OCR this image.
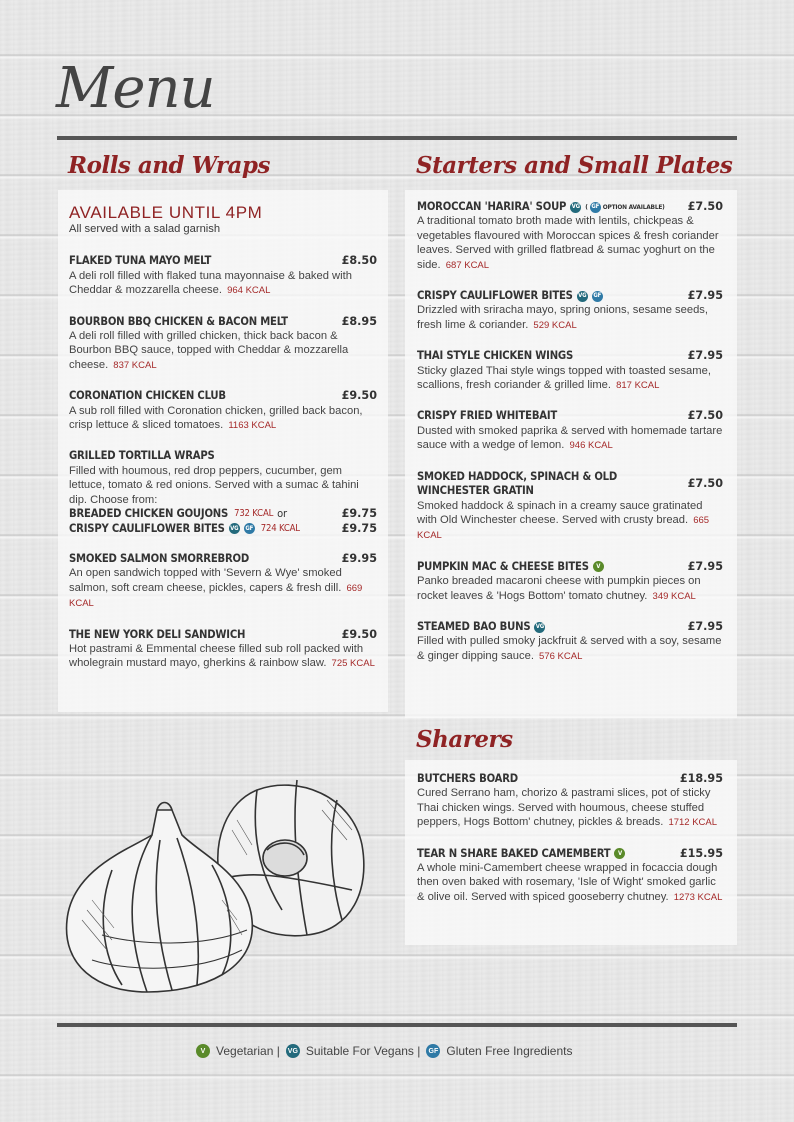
Menu
Rolls and Wraps	Starters and Small Plates
Sharers
AVAILABLE UNTIL 4PM
All served with a salad garnish
FLAKED TUNA MAYO MELT	£8.50
A deli roll filled with flaked tuna mayonnaise & baked with Cheddar & mozzarella cheese. 964 KCAL
BOURBON BBQ CHICKEN & BACON MELT	£8.95
A deli roll filled with grilled chicken, thick back bacon & Bourbon BBQ sauce, topped with Cheddar & mozzarella cheese. 837 KCAL
CORONATION CHICKEN CLUB	£9.50
A sub roll filled with Coronation chicken, grilled back bacon, crisp lettuce & sliced tomatoes. 1163 KCAL
GRILLED TORTILLA WRAPS
Filled with houmous, red drop peppers, cucumber, gem lettuce, tomato & red onions. Served with a sumac & tahini dip. Choose from:
BREADED CHICKEN GOUJONS 732 KCAL or	£9.75
CRISPY CAULIFLOWER BITES VG GF 724 KCAL	£9.75
SMOKED SALMON SMORREBROD	£9.95
An open sandwich topped with 'Severn & Wye' smoked salmon, soft cream cheese, pickles, capers & fresh dill. 669 KCAL
THE NEW YORK DELI SANDWICH	£9.50
Hot pastrami & Emmental cheese filled sub roll packed with wholegrain mustard mayo, gherkins & rainbow slaw. 725 KCAL
MOROCCAN 'HARIRA' SOUP VG ( GF OPTION AVAILABLE) £7.50
A traditional tomato broth made with lentils, chickpeas & vegetables flavoured with Moroccan spices & fresh coriander leaves. Served with grilled flatbread & sumac yoghurt on the side. 687 KCAL
CRISPY CAULIFLOWER BITES VG GF	£7.95
Drizzled with sriracha mayo, spring onions, sesame seeds, fresh lime & coriander. 529 KCAL
THAI STYLE CHICKEN WINGS	£7.95
Sticky glazed Thai style wings topped with toasted sesame, scallions, fresh coriander & grilled lime. 817 KCAL
CRISPY FRIED WHITEBAIT	£7.50
Dusted with smoked paprika & served with homemade tartare sauce with a wedge of lemon. 946 KCAL
SMOKED HADDOCK, SPINACH & OLD WINCHESTER GRATIN
£7.50
Smoked haddock & spinach in a creamy sauce gratinated with Old Winchester cheese. Served with crusty bread. 665 KCAL
PUMPKIN MAC & CHEESE BITES	V	£7.95
Panko breaded macaroni cheese with pumpkin pieces on rocket leaves & 'Hogs Bottom' tomato chutney. 349 KCAL
STEAMED BAO BUNS VG	£7.95
Filled with pulled smoky jackfruit & served with a soy, sesame & ginger dipping sauce. 576 KCAL
BUTCHERS BOARD	£18.95
Cured Serrano ham, chorizo & pastrami slices, pot of sticky Thai chicken wings. Served with houmous, cheese stuffed peppers, Hogs Bottom' chutney, pickles & breads. 1712 KCAL
TEAR N SHARE BAKED CAMEMBERT	V	£15.95
A whole mini-Camembert cheese wrapped in focaccia dough then oven baked with rosemary, 'Isle of Wight' smoked garlic & olive oil. Served with spiced gooseberry chutney. 1273 KCAL
V Vegetarian | VG Suitable For Vegans |	GF Gluten Free Ingredients
